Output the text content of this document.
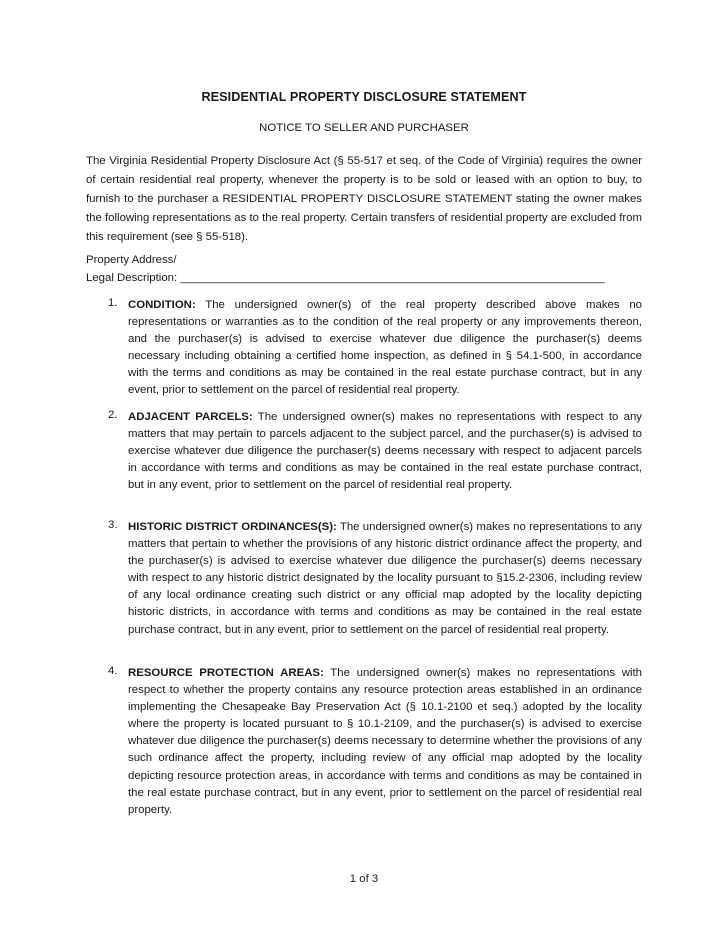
RESIDENTIAL PROPERTY DISCLOSURE STATEMENT
NOTICE TO SELLER AND PURCHASER

The Virginia Residential Property Disclosure Act (§ 55-517 et seq. of the Code of Virginia) requires the owner of certain residential real property, whenever the property is to be sold or leased with an option to buy, to furnish to the purchaser a RESIDENTIAL PROPERTY DISCLOSURE STATEMENT stating the owner makes the following representations as to the real property. Certain transfers of residential property are excluded from this requirement (see § 55-518).

Property Address/
Legal Description: ___________________________________________________________________
1. CONDITION: The undersigned owner(s) of the real property described above makes no representations or warranties as to the condition of the real property or any improvements thereon, and the purchaser(s) is advised to exercise whatever due diligence the purchaser(s) deems necessary including obtaining a certified home inspection, as defined in § 54.1-500, in accordance with the terms and conditions as may be contained in the real estate purchase contract, but in any event, prior to settlement on the parcel of residential real property.
2. ADJACENT PARCELS: The undersigned owner(s) makes no representations with respect to any matters that may pertain to parcels adjacent to the subject parcel, and the purchaser(s) is advised to exercise whatever due diligence the purchaser(s) deems necessary with respect to adjacent parcels in accordance with terms and conditions as may be contained in the real estate purchase contract, but in any event, prior to settlement on the parcel of residential real property.
3. HISTORIC DISTRICT ORDINANCES(S): The undersigned owner(s) makes no representations to any matters that pertain to whether the provisions of any historic district ordinance affect the property, and the purchaser(s) is advised to exercise whatever due diligence the purchaser(s) deems necessary with respect to any historic district designated by the locality pursuant to §15.2-2306, including review of any local ordinance creating such district or any official map adopted by the locality depicting historic districts, in accordance with terms and conditions as may be contained in the real estate purchase contract, but in any event, prior to settlement on the parcel of residential real property.
4. RESOURCE PROTECTION AREAS: The undersigned owner(s) makes no representations with respect to whether the property contains any resource protection areas established in an ordinance implementing the Chesapeake Bay Preservation Act (§ 10.1-2100 et seq.) adopted by the locality where the property is located pursuant to § 10.1-2109, and the purchaser(s) is advised to exercise whatever due diligence the purchaser(s) deems necessary to determine whether the provisions of any such ordinance affect the property, including review of any official map adopted by the locality depicting resource protection areas, in accordance with terms and conditions as may be contained in the real estate purchase contract, but in any event, prior to settlement on the parcel of residential real property.
1 of 3
